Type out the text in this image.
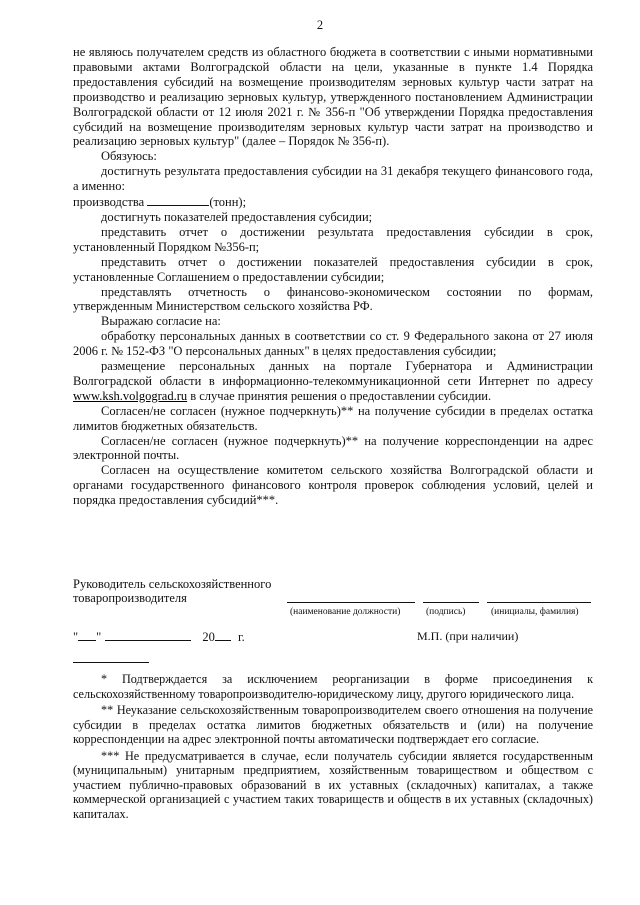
2

не являюсь получателем средств из областного бюджета в соответствии с иными нормативными правовыми актами Волгоградской области на цели, указанные в пункте 1.4 Порядка предоставления субсидий на возмещение производителям зерновых культур части затрат на производство и реализацию зерновых культур, утвержденного постановлением Администрации Волгоградской области от 12 июля 2021 г. № 356-п "Об утверждении Порядка предоставления субсидий на возмещение производителям зерновых культур части затрат на производство и реализацию зерновых культур" (далее – Порядок № 356-п).

Обязуюсь:

достигнуть результата предоставления субсидии на 31 декабря текущего финансового года, а именно:

производства	(тонн);

достигнуть показателей предоставления субсидии;

представить отчет о достижении результата предоставления субсидии в срок, установленный Порядком №356-п;

представить отчет о достижении показателей предоставления субсидии в срок, установленные Соглашением о предоставлении субсидии;

представлять отчетность о финансово-экономическом состоянии по формам, утвержденным Министерством сельского хозяйства РФ.

Выражаю согласие на:

обработку персональных данных в соответствии со ст. 9 Федерального закона от 27 июля 2006 г. № 152-ФЗ "О персональных данных" в целях предоставления субсидии;

размещение персональных данных на портале Губернатора и Администрации Волгоградской области в информационно-телекоммуникационной сети Интернет по адресу www.ksh.volgograd.ru в случае принятия решения о предоставлении субсидии.

Согласен/не согласен (нужное подчеркнуть)** на получение субсидии в пределах остатка лимитов бюджетных обязательств.

Согласен/не согласен (нужное подчеркнуть)** на получение корреспонденции на адрес электронной почты.

Согласен на осуществление комитетом сельского хозяйства Волгоградской области и органами государственного финансового контроля проверок соблюдения условий, целей и порядка предоставления субсидий***.

Руководитель сельскохозяйственного
товаропроизводителя
(наименование должности)	(подпись)	(инициалы, фамилия)
" "	20 г.	М.П. (при наличии)

* Подтверждается за исключением реорганизации в форме присоединения к сельскохозяйственному товаропроизводителю-юридическому лицу, другого юридического лица.

** Неуказание сельскохозяйственным товаропроизводителем своего отношения на получение субсидии в пределах остатка лимитов бюджетных обязательств и (или) на получение корреспонденции на адрес электронной почты автоматически подтверждает его согласие.

*** Не предусматривается в случае, если получатель субсидии является государственным (муниципальным) унитарным предприятием, хозяйственным товариществом и обществом с участием публично-правовых образований в их уставных (складочных) капиталах, а также коммерческой организацией с участием таких товариществ и обществ в их уставных (складочных) капиталах.
